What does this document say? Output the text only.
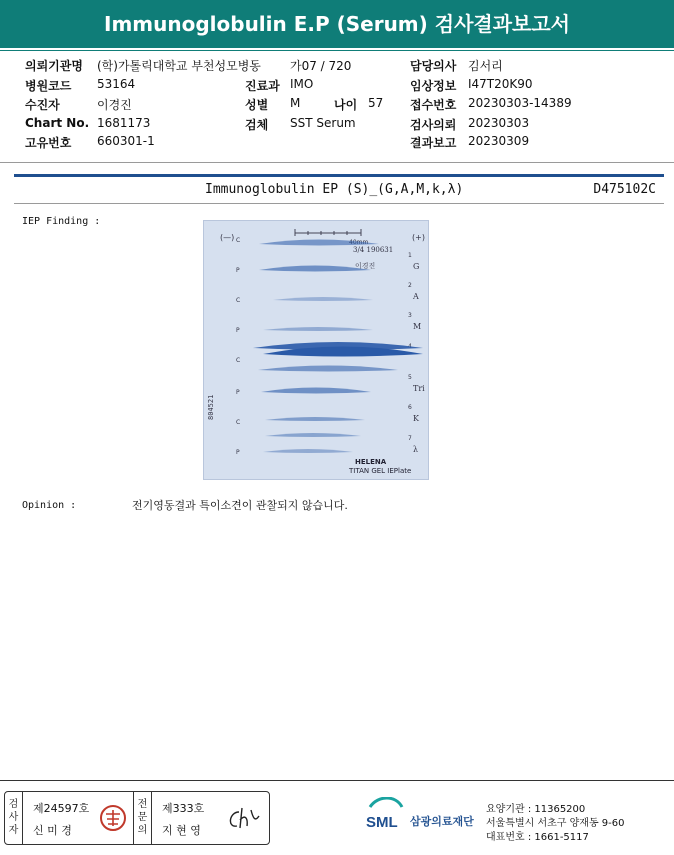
Immunoglobulin E.P (Serum) 검사결과보고서
의뢰기관명 (학)가톨릭대학교 부천성모병동 가07 / 720
병원코드 53164
수진자	이경진
Chart No. 1681173
고유번호 660301-1
진료과 IMO
성별 M	나이 57
검체 SST Serum
담당의사 김서리
임상정보 I47T20K90
접수번호 20230303-14389
검사의뢰 20230303
결과보고 20230309
Immunoglobulin EP (S)_(G,A,M,k,λ)	D475102C
IEP Finding :
(—)	(+)
3/4 190631
이경진
C
P
C
P
C
P
C
P
1
2
3
5
6
7
G
A
M
Tri
K
λ
804521
HELENA
TITAN GEL IEPlate
Opinion :	전기영동결과 특이소견이 관찰되지 않습니다.
검
사
자
제24597호
신 미 경
전
문
의
제333호
지 현 영	SML 삼광의료재단
요양기관 : 11365200
서울특별시 서초구 양재동 9-60
대표번호 : 1661-5117
